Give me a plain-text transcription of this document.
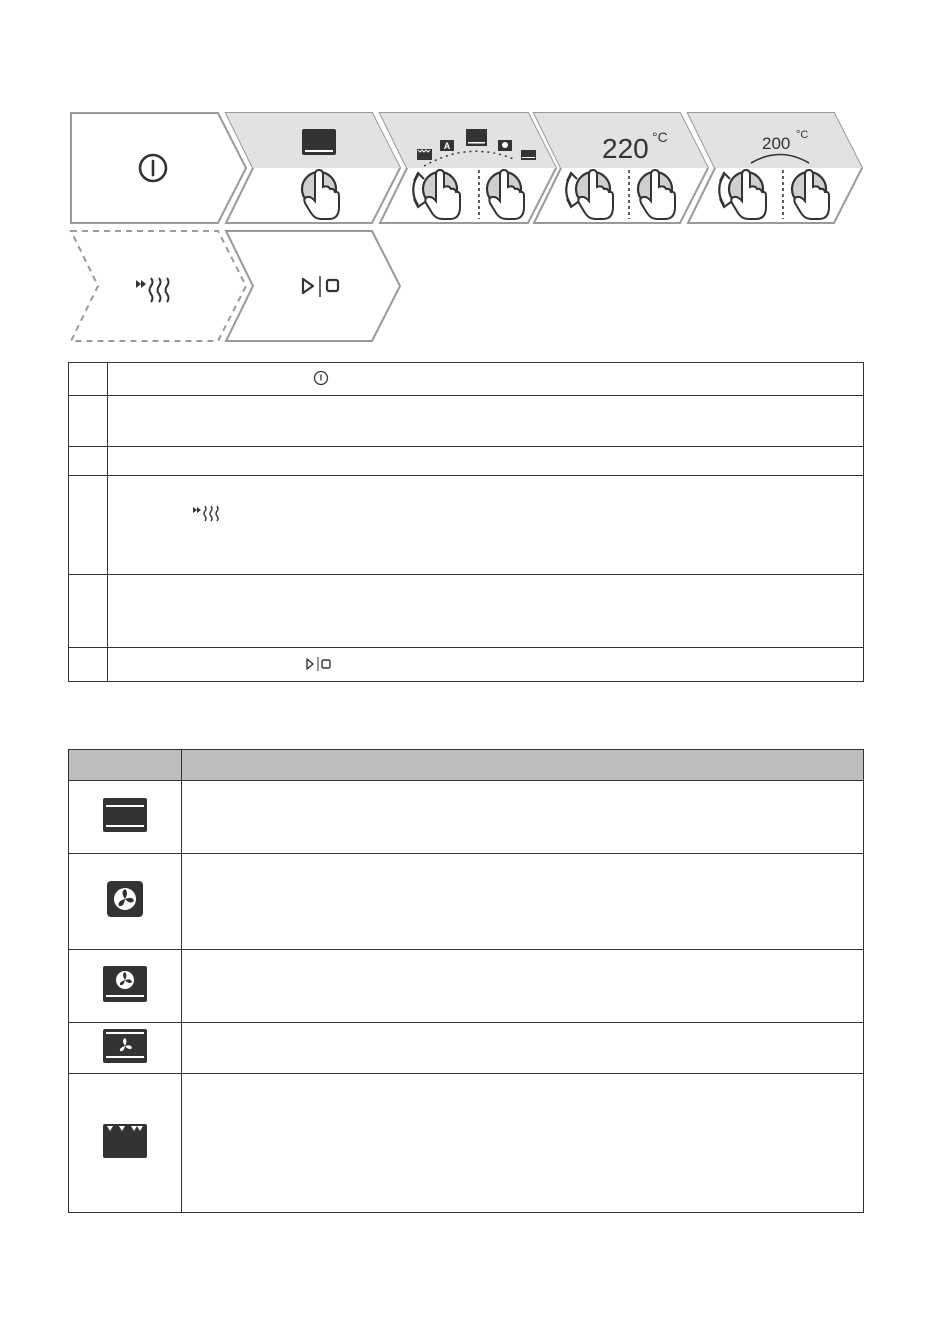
A	220 °C	200 °C
